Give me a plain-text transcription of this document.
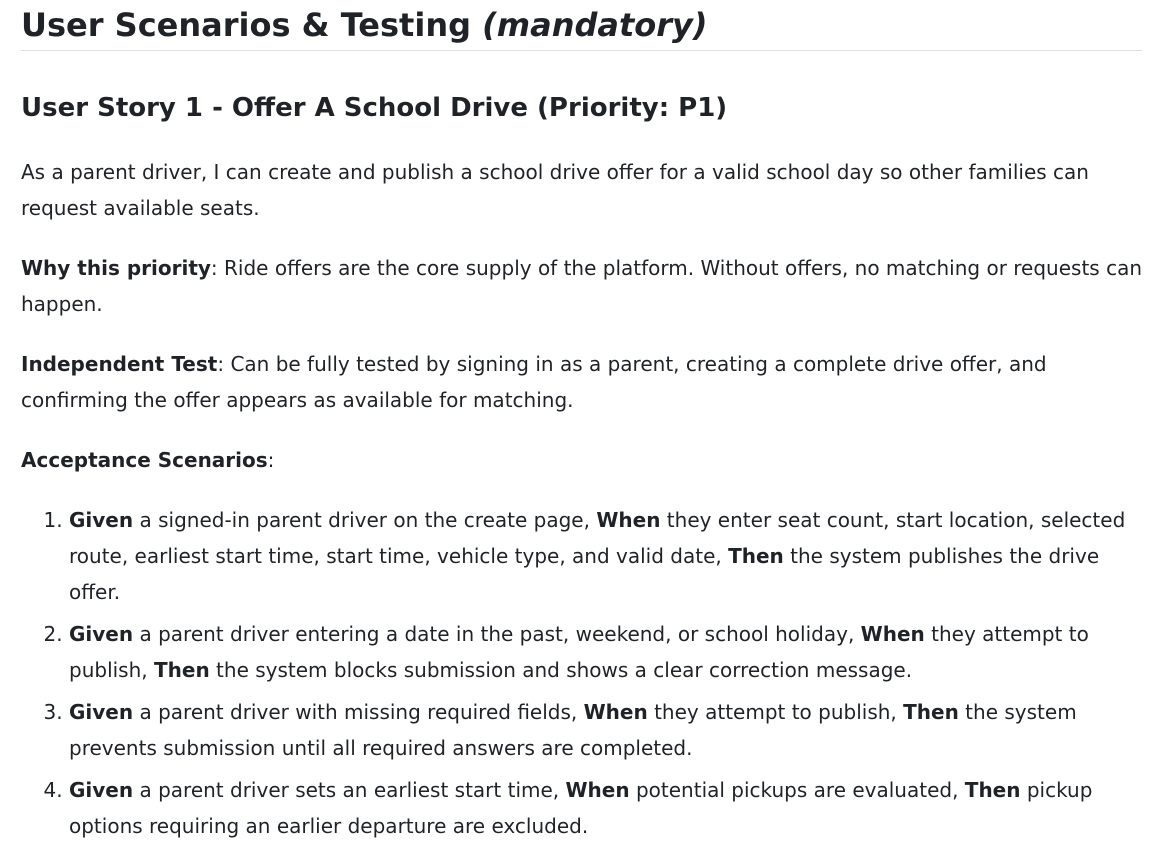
User Scenarios & Testing (mandatory)
User Story 1 - Offer A School Drive (Priority: P1)

As a parent driver, I can create and publish a school drive offer for a valid school day so other families can request available seats.

Why this priority: Ride offers are the core supply of the platform. Without offers, no matching or requests can happen.

Independent Test: Can be fully tested by signing in as a parent, creating a complete drive offer, and confirming the offer appears as available for matching.

Acceptance Scenarios:

1. Given a signed-in parent driver on the create page, When they enter seat count, start location, selected route, earliest start time, start time, vehicle type, and valid date, Then the system publishes the drive offer.
2. Given a parent driver entering a date in the past, weekend, or school holiday, When they attempt to publish, Then the system blocks submission and shows a clear correction message.
3. Given a parent driver with missing required fields, When they attempt to publish, Then the system prevents submission until all required answers are completed.
4. Given a parent driver sets an earliest start time, When potential pickups are evaluated, Then pickup options requiring an earlier departure are excluded.
